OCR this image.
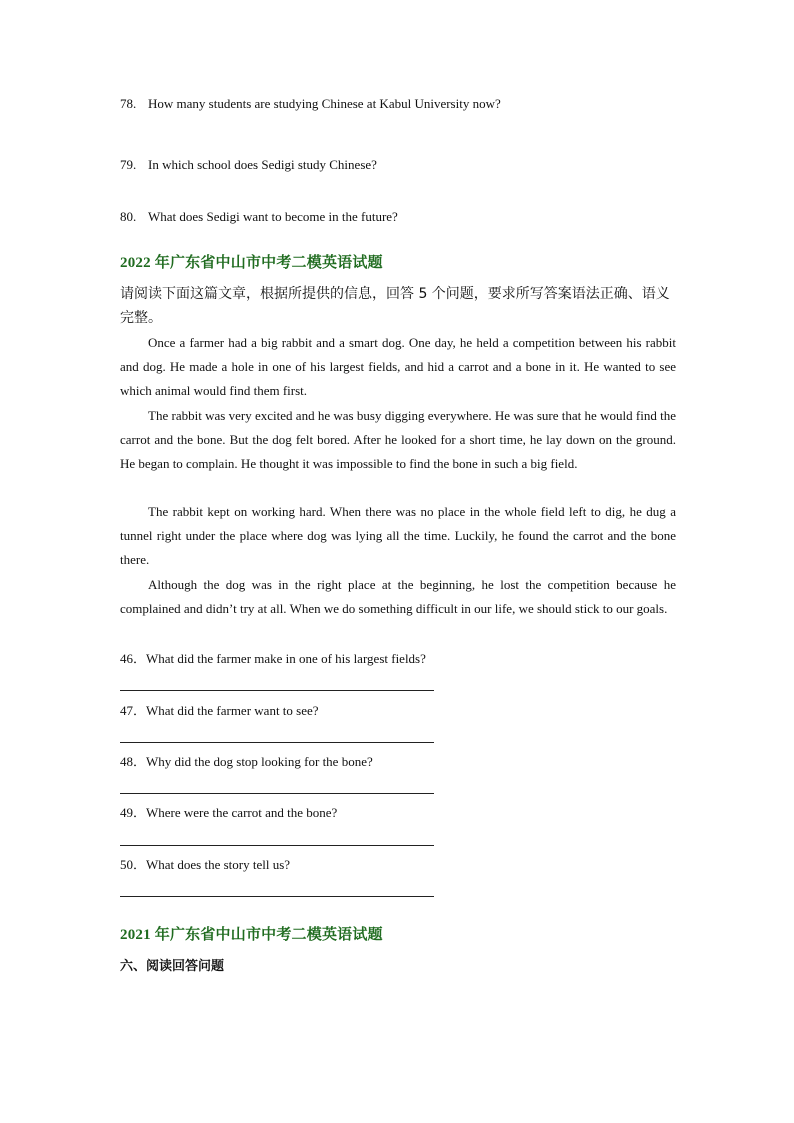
78. How many students are studying Chinese at Kabul University now?
79. In which school does Sedigi study Chinese?
80. What does Sedigi want to become in the future?
2022 年广东省中山市中考二模英语试题
请阅读下面这篇文章，根据所提供的信息，回答 5 个问题，要求所写答案语法正确、语义完整。
Once a farmer had a big rabbit and a smart dog. One day, he held a competition between his rabbit and dog. He made a hole in one of his largest fields, and hid a carrot and a bone in it. He wanted to see which animal would find them first.
The rabbit was very excited and he was busy digging everywhere. He was sure that he would find the carrot and the bone. But the dog felt bored. After he looked for a short time, he lay down on the ground. He began to complain. He thought it was impossible to find the bone in such a big field.
The rabbit kept on working hard. When there was no place in the whole field left to dig, he dug a tunnel right under the place where dog was lying all the time. Luckily, he found the carrot and the bone there.
Although the dog was in the right place at the beginning, he lost the competition because he complained and didn’t try at all. When we do something difficult in our life, we should stick to our goals.
46．What did the farmer make in one of his largest fields?
47．What did the farmer want to see?
48．Why did the dog stop looking for the bone?
49．Where were the carrot and the bone?
50．What does the story tell us?
2021 年广东省中山市中考二模英语试题
六、阅读回答问题
